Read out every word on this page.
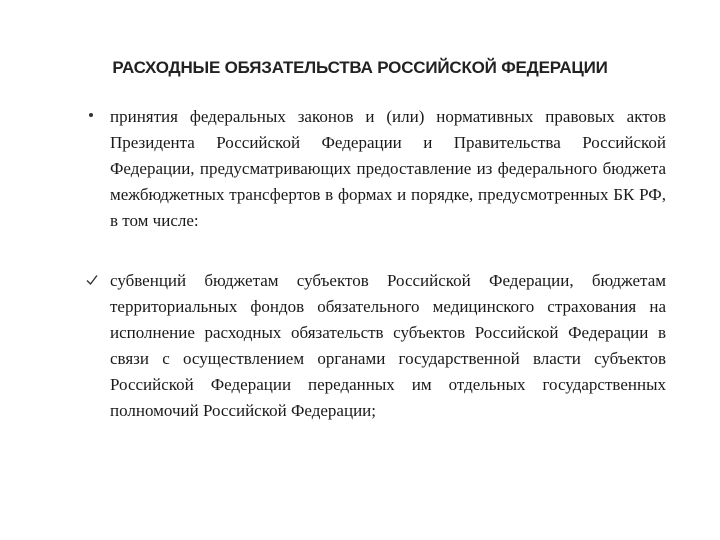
РАСХОДНЫЕ ОБЯЗАТЕЛЬСТВА РОССИЙСКОЙ ФЕДЕРАЦИИ
принятия федеральных законов и (или) нормативных правовых актов Президента Российской Федерации и Правительства Российской Федерации, предусматривающих предоставление из федерального бюджета межбюджетных трансфертов в формах и порядке, предусмотренных БК РФ, в том числе:
субвенций бюджетам субъектов Российской Федерации, бюджетам территориальных фондов обязательного медицинского страхования на исполнение расходных обязательств субъектов Российской Федерации в связи с осуществлением органами государственной власти субъектов Российской Федерации переданных им отдельных государственных полномочий Российской Федерации;
